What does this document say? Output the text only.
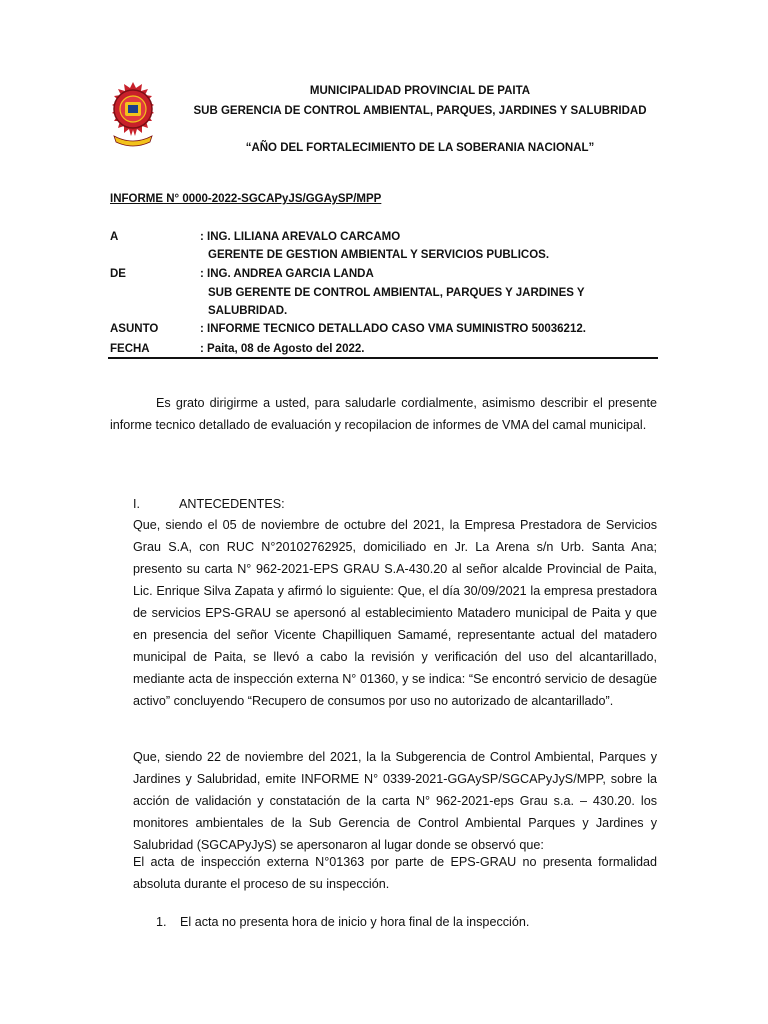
MUNICIPALIDAD PROVINCIAL DE PAITA
SUB GERENCIA DE CONTROL AMBIENTAL, PARQUES, JARDINES Y SALUBRIDAD
“AÑO DEL FORTALECIMIENTO DE LA SOBERANIA NACIONAL”
INFORME N° 0000-2022-SGCAPyJS/GGAySP/MPP
A	: ING. LILIANA AREVALO CARCAMO
GERENTE DE GESTION AMBIENTAL Y SERVICIOS PUBLICOS.
DE	: ING. ANDREA GARCIA LANDA
SUB GERENTE DE CONTROL AMBIENTAL, PARQUES Y JARDINES Y
SALUBRIDAD.
ASUNTO	: INFORME TECNICO DETALLADO CASO VMA SUMINISTRO 50036212.
FECHA	: Paita, 08 de Agosto del 2022.
Es grato dirigirme a usted, para saludarle cordialmente, asimismo describir el presente informe tecnico detallado de evaluación y recopilacion de informes de VMA del camal municipal.
I.	ANTECEDENTES:
Que, siendo el 05 de noviembre de octubre del 2021, la Empresa Prestadora de Servicios Grau S.A, con RUC N°20102762925, domiciliado en Jr. La Arena s/n Urb. Santa Ana; presento su carta N° 962-2021-EPS GRAU S.A-430.20 al señor alcalde Provincial de Paita, Lic. Enrique Silva Zapata y afirmó lo siguiente: Que, el día 30/09/2021 la empresa prestadora de servicios EPS-GRAU se apersonó al establecimiento Matadero municipal de Paita y que en presencia del señor Vicente Chapilliquen Samamé, representante actual del matadero municipal de Paita, se llevó a cabo la revisión y verificación del uso del alcantarillado, mediante acta de inspección externa N° 01360, y se indica: “Se encontró servicio de desagüe activo” concluyendo “Recupero de consumos por uso no autorizado de alcantarillado”.
Que, siendo 22 de noviembre del 2021, la la Subgerencia de Control Ambiental, Parques y Jardines y Salubridad, emite INFORME N° 0339-2021-GGAySP/SGCAPyJyS/MPP, sobre la acción de validación y constatación de la carta N° 962-2021-eps Grau s.a. – 430.20. los monitores ambientales de la Sub Gerencia de Control Ambiental Parques y Jardines y Salubridad (SGCAPyJyS) se apersonaron al lugar donde se observó que:
El acta de inspección externa N°01363 por parte de EPS-GRAU no presenta formalidad absoluta durante el proceso de su inspección.
1. El acta no presenta hora de inicio y hora final de la inspección.
